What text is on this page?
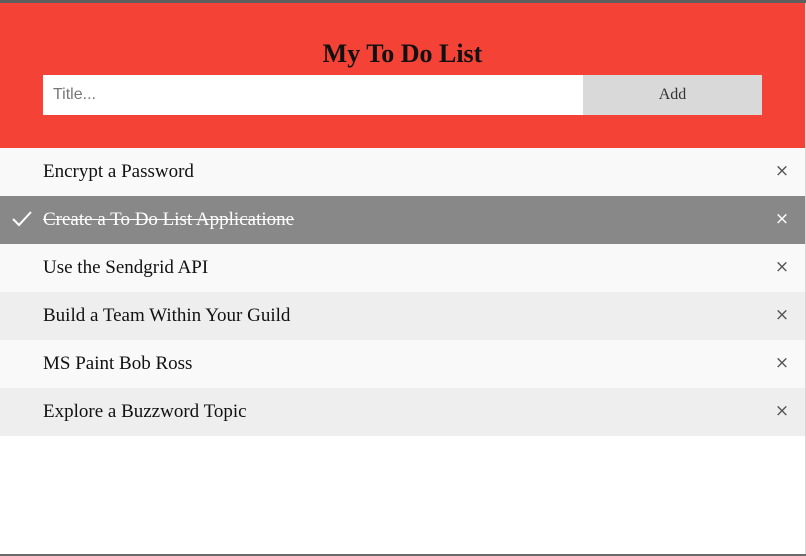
My To Do List
Title...
Add
Encrypt a Password	×
Create a To Do List Applicatione	×
Use the Sendgrid API	×
Build a Team Within Your Guild	×
MS Paint Bob Ross	×
Explore a Buzzword Topic	×
